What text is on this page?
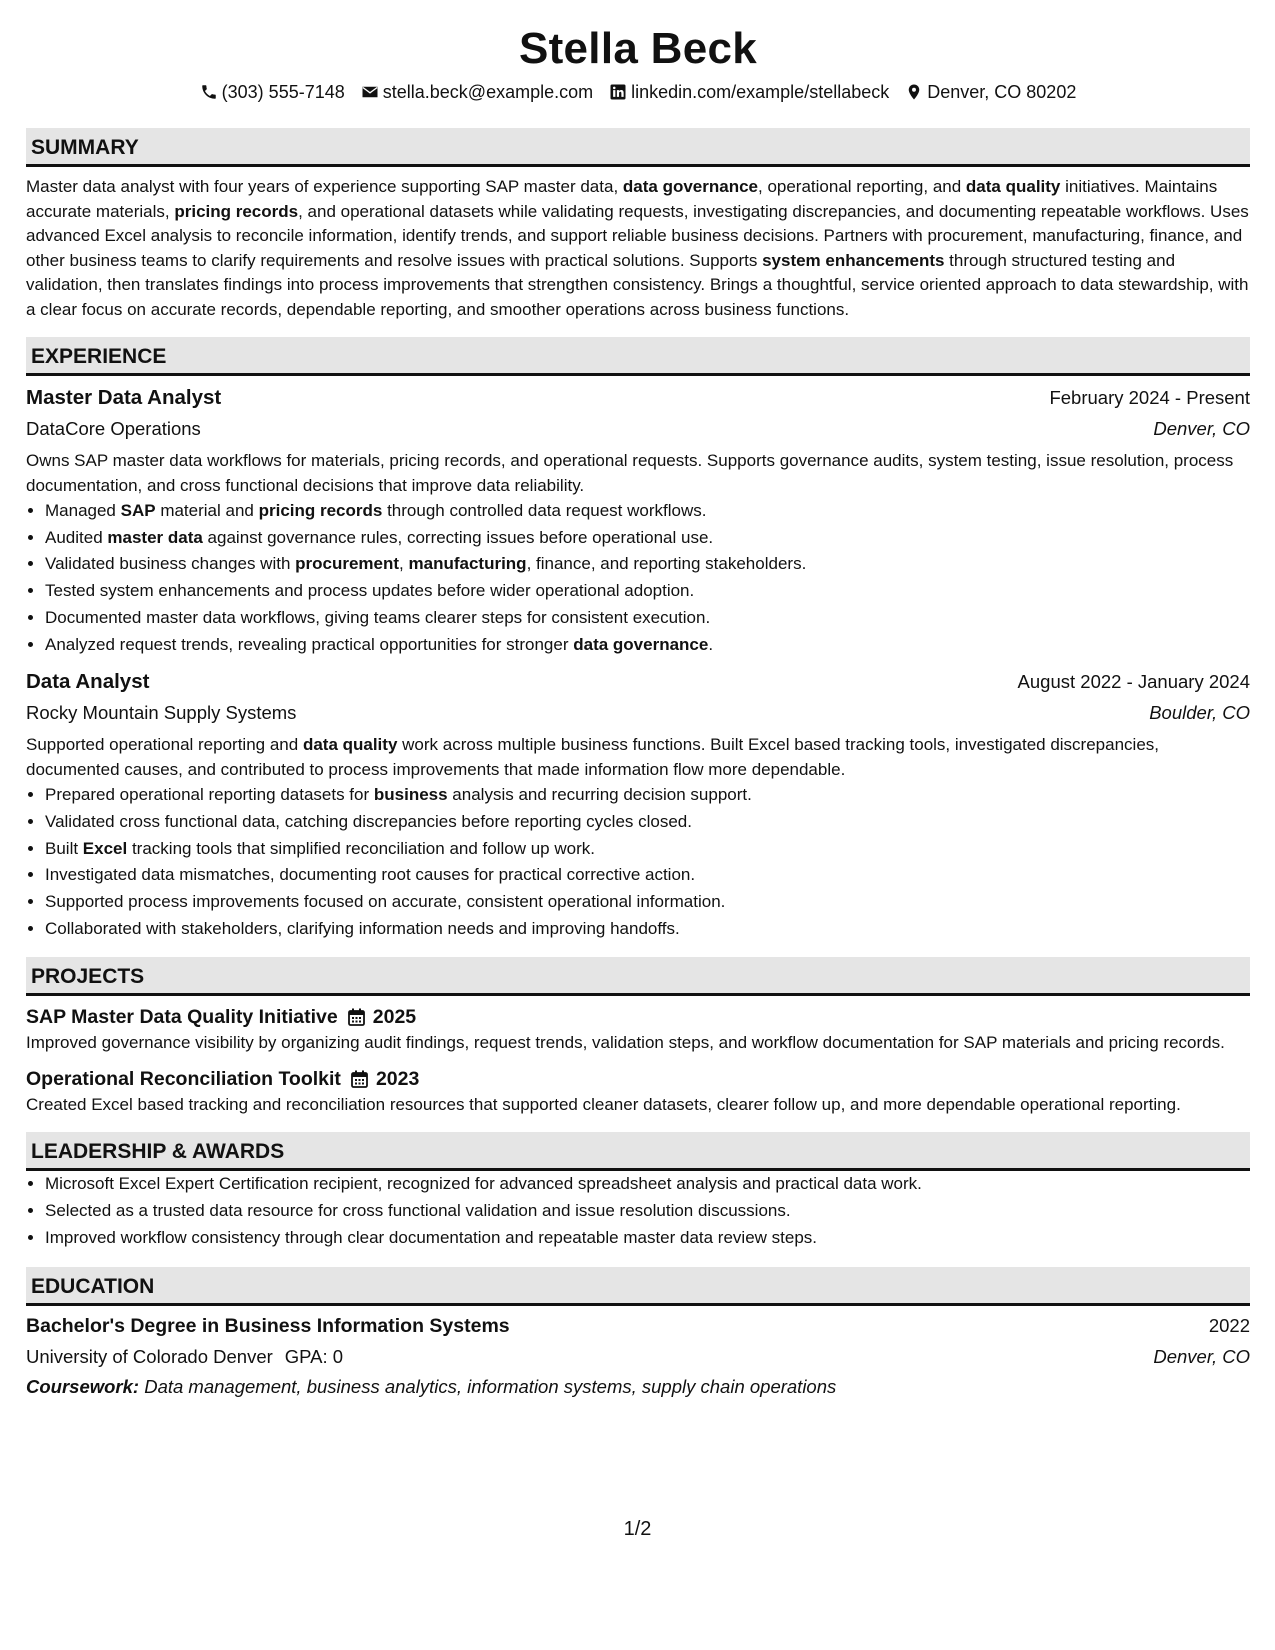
Stella Beck
(303) 555-7148 stella.beck@example.com linkedin.com/example/stellabeck Denver, CO 80202
SUMMARY

Master data analyst with four years of experience supporting SAP master data, data governance, operational reporting, and data quality initiatives. Maintains accurate materials, pricing records, and operational datasets while validating requests, investigating discrepancies, and documenting repeatable workflows. Uses advanced Excel analysis to reconcile information, identify trends, and support reliable business decisions. Partners with procurement, manufacturing, finance, and other business teams to clarify requirements and resolve issues with practical solutions. Supports system enhancements through structured testing and validation, then translates findings into process improvements that strengthen consistency. Brings a thoughtful, service oriented approach to data stewardship, with a clear focus on accurate records, dependable reporting, and smoother operations across business functions.

EXPERIENCE
Master Data Analyst	February 2024 - Present
DataCore Operations	Denver, CO

Owns SAP master data workflows for materials, pricing records, and operational requests. Supports governance audits, system testing, issue resolution, process documentation, and cross functional decisions that improve data reliability.

• Managed SAP material and pricing records through controlled data request workflows.
• Audited master data against governance rules, correcting issues before operational use.
• Validated business changes with procurement, manufacturing, finance, and reporting stakeholders.
• Tested system enhancements and process updates before wider operational adoption.
• Documented master data workflows, giving teams clearer steps for consistent execution.
• Analyzed request trends, revealing practical opportunities for stronger data governance.
Data Analyst	August 2022 - January 2024
Rocky Mountain Supply Systems	Boulder, CO

Supported operational reporting and data quality work across multiple business functions. Built Excel based tracking tools, investigated discrepancies, documented causes, and contributed to process improvements that made information flow more dependable.

• Prepared operational reporting datasets for business analysis and recurring decision support.
• Validated cross functional data, catching discrepancies before reporting cycles closed.
• Built Excel tracking tools that simplified reconciliation and follow up work.
• Investigated data mismatches, documenting root causes for practical corrective action.
• Supported process improvements focused on accurate, consistent operational information.
• Collaborated with stakeholders, clarifying information needs and improving handoffs.
PROJECTS
SAP Master Data Quality Initiative 2025

Improved governance visibility by organizing audit findings, request trends, validation steps, and workflow documentation for SAP materials and pricing records.

Operational Reconciliation Toolkit 2023

Created Excel based tracking and reconciliation resources that supported cleaner datasets, clearer follow up, and more dependable operational reporting.

LEADERSHIP & AWARDS
• Microsoft Excel Expert Certification recipient, recognized for advanced spreadsheet analysis and practical data work.
• Selected as a trusted data resource for cross functional validation and issue resolution discussions.
• Improved workflow consistency through clear documentation and repeatable master data review steps.
EDUCATION
Bachelor's Degree in Business Information Systems	2022
University of Colorado Denver GPA: 0	Denver, CO
Coursework: Data management, business analytics, information systems, supply chain operations
1/2
